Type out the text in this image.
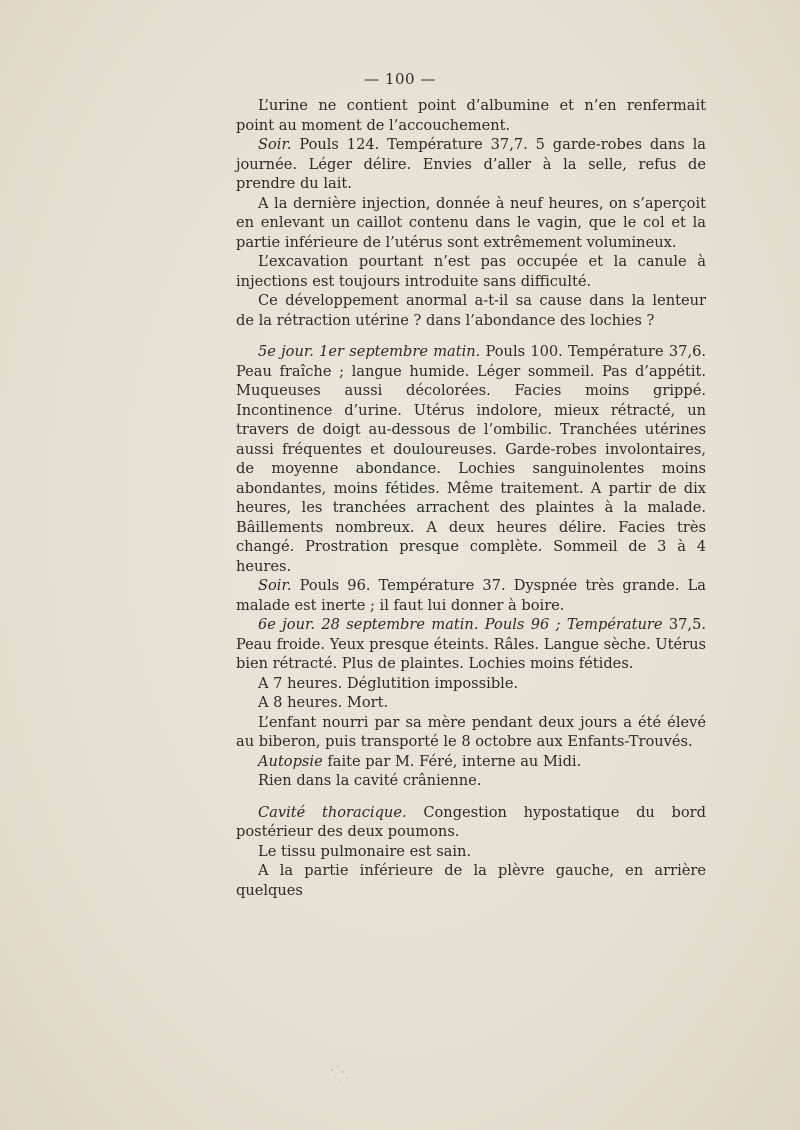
— 100 —

L’urine ne contient point d’albumine et n’en renfermait point au moment de l’accouchement.

Soir. Pouls 124. Température 37,7. 5 garde-robes dans la journée. Léger délire. Envies d’aller à la selle, refus de prendre du lait.

A la dernière injection, donnée à neuf heures, on s’aperçoit en enlevant un caillot contenu dans le vagin, que le col et la partie inférieure de l’utérus sont extrêmement volumineux.

L’excavation pourtant n’est pas occupée et la canule à injections est toujours introduite sans difficulté.

Ce développement anormal a-t-il sa cause dans la lenteur de la rétraction utérine ? dans l’abondance des lochies ?

5e jour. 1er septembre matin. Pouls 100. Température 37,6. Peau fraîche ; langue humide. Léger sommeil. Pas d’appétit. Muqueuses aussi décolorées. Facies moins grippé. Incontinence d’urine. Utérus indolore, mieux rétracté, un travers de doigt au-dessous de l’ombilic. Tranchées utérines aussi fréquentes et douloureuses. Garde-robes involontaires, de moyenne abondance. Lochies sanguinolentes moins abondantes, moins fétides. Même traitement. A partir de dix heures, les tranchées arrachent des plaintes à la malade. Bâillements nombreux. A deux heures délire. Facies très changé. Prostration presque complète. Sommeil de 3 à 4 heures.

Soir. Pouls 96. Température 37. Dyspnée très grande. La malade est inerte ; il faut lui donner à boire.

6e jour. 28 septembre matin. Pouls 96 ; Température 37,5. Peau froide. Yeux presque éteints. Râles. Langue sèche. Utérus bien rétracté. Plus de plaintes. Lochies moins fétides.

A 7 heures. Déglutition impossible.

A 8 heures. Mort.

L’enfant nourri par sa mère pendant deux jours a été élevé au biberon, puis transporté le 8 octobre aux Enfants-Trouvés.

Autopsie faite par M. Féré, interne au Midi.

Rien dans la cavité crânienne.

Cavité thoracique. Congestion hypostatique du bord postérieur des deux poumons.

Le tissu pulmonaire est sain.

A la partie inférieure de la plèvre gauche, en arrière quelques
